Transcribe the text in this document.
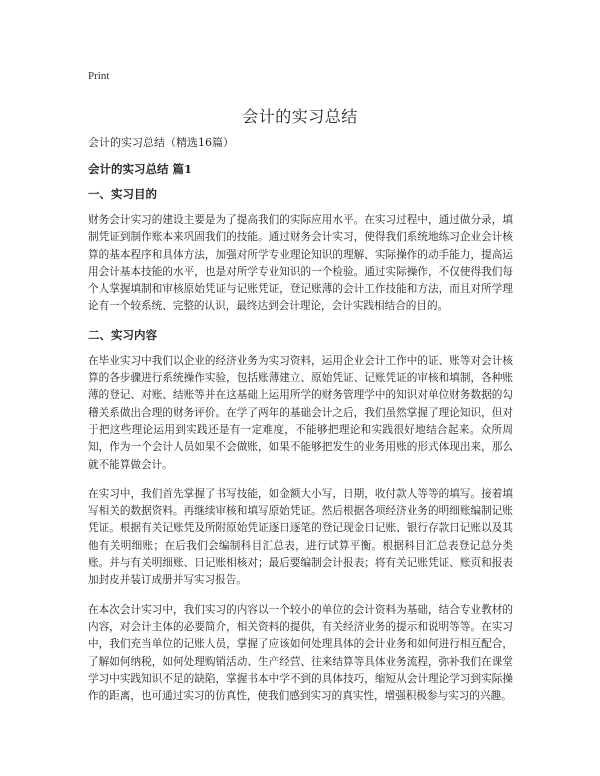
Print
会计的实习总结

会计的实习总结（精选16篇）

会计的实习总结 篇1

一、实习目的

财务会计实习的建设主要是为了提高我们的实际应用水平。在实习过程中，通过做分录，填制凭证到制作账本来巩固我们的技能。通过财务会计实习，使得我们系统地练习企业会计核算的基本程序和具体方法，加强对所学专业理论知识的理解、实际操作的动手能力，提高运用会计基本技能的水平，也是对所学专业知识的一个检验。通过实际操作，不仅使得我们每个人掌握填制和审核原始凭证与记账凭证，登记账薄的会计工作技能和方法，而且对所学理论有一个较系统、完整的认识，最终达到会计理论，会计实践相结合的目的。

二、实习内容

在毕业实习中我们以企业的经济业务为实习资料，运用企业会计工作中的证、账等对会计核算的各步骤进行系统操作实验，包括账薄建立、原始凭证、记账凭证的审核和填制，各种账薄的登记、对账、结账等并在这基础上运用所学的财务管理学中的知识对单位财务数据的勾稽关系做出合理的财务评价。在学了两年的基础会计之后，我们虽然掌握了理论知识，但对于把这些理论运用到实践还是有一定难度，不能够把理论和实践很好地结合起来。众所周知，作为一个会计人员如果不会做账，如果不能够把发生的业务用账的形式体现出来，那么就不能算做会计。

在实习中，我们首先掌握了书写技能，如金额大小写，日期，收付款人等等的填写。接着填写相关的数据资料。再继续审核和填写原始凭证。然后根据各项经济业务的明细账编制记账凭证。根据有关记账凭及所附原始凭证逐日逐笔的登记现金日记账、银行存款日记账以及其他有关明细账；在后我们会编制科目汇总表，进行试算平衡。根据科目汇总表登记总分类账。并与有关明细账、日记账相核对；最后要编制会计报表；将有关记账凭证、账页和报表加封皮并装订成册并写实习报告。

在本次会计实习中，我们实习的内容以一个较小的单位的会计资料为基础，结合专业教材的内容，对会计主体的必要简介，相关资料的提供，有关经济业务的提示和说明等等。在实习中，我们充当单位的记账人员，掌握了应该如何处理具体的会计业务和如何进行相互配合，了解如何纳税，如何处理购销活动、生产经营、往来结算等具体业务流程，弥补我们在课堂学习中实践知识不足的缺陷，掌握书本中学不到的具体技巧，缩短从会计理论学习到实际操作的距离，也可通过实习的仿真性，使我们感到实习的真实性，增强积极参与实习的兴趣。
